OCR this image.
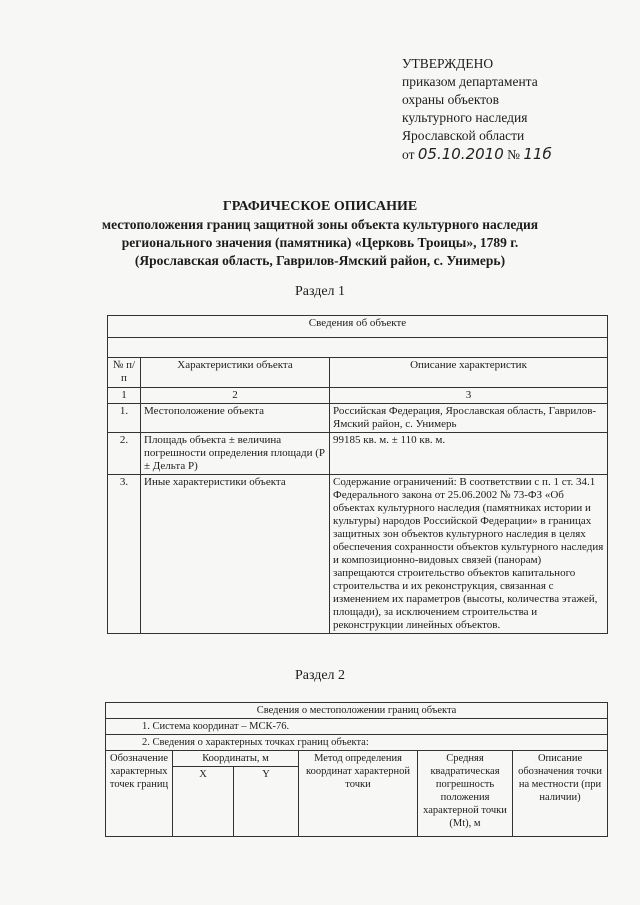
УТВЕРЖДЕНО
приказом департамента
охраны объектов
культурного наследия
Ярославской области
от 05.10.2010 № 11б
ГРАФИЧЕСКОЕ ОПИСАНИЕ
местоположения границ защитной зоны объекта культурного наследия
регионального значения (памятника) «Церковь Троицы», 1789 г.
(Ярославская область, Гаврилов-Ямский район, с. Унимерь)
Раздел 1
Сведения об объекте		

№ п/п	Характеристики объекта	Описание характеристик
1	2	3
1.	Местоположение объекта	Российская Федерация, Ярославская область, Гаврилов-Ямский район, с. Унимерь
2.	Площадь объекта ± величина погрешности определения площади (Р ± Дельта Р)	99185 кв. м. ± 110 кв. м.
3.	Иные характеристики объекта	Содержание ограничений: В соответствии с п. 1 ст. 34.1 Федерального закона от 25.06.2002 № 73-ФЗ «Об объектах культурного наследия (памятниках истории и культуры) народов Российской Федерации» в границах защитных зон объектов культурного наследия в целях обеспечения сохранности объектов культурного наследия и композиционно-видовых связей (панорам) запрещаются строительство объектов капитального строительства и их реконструкция, связанная с изменением их параметров (высоты, количества этажей, площади), за исключением строительства и реконструкции линейных объектов.
Раздел 2
Сведения о местоположении границ объекта					
1. Система координат – МСК-76.					
2. Сведения о характерных точках границ объекта:					
Обозначение характерных точек границ	Координаты, м		Метод определения координат характерной точки	Средняя квадратическая погрешность положения характерной точки (Мt), м	Описание обозначения точки на местности (при наличии)
	X	Y			
